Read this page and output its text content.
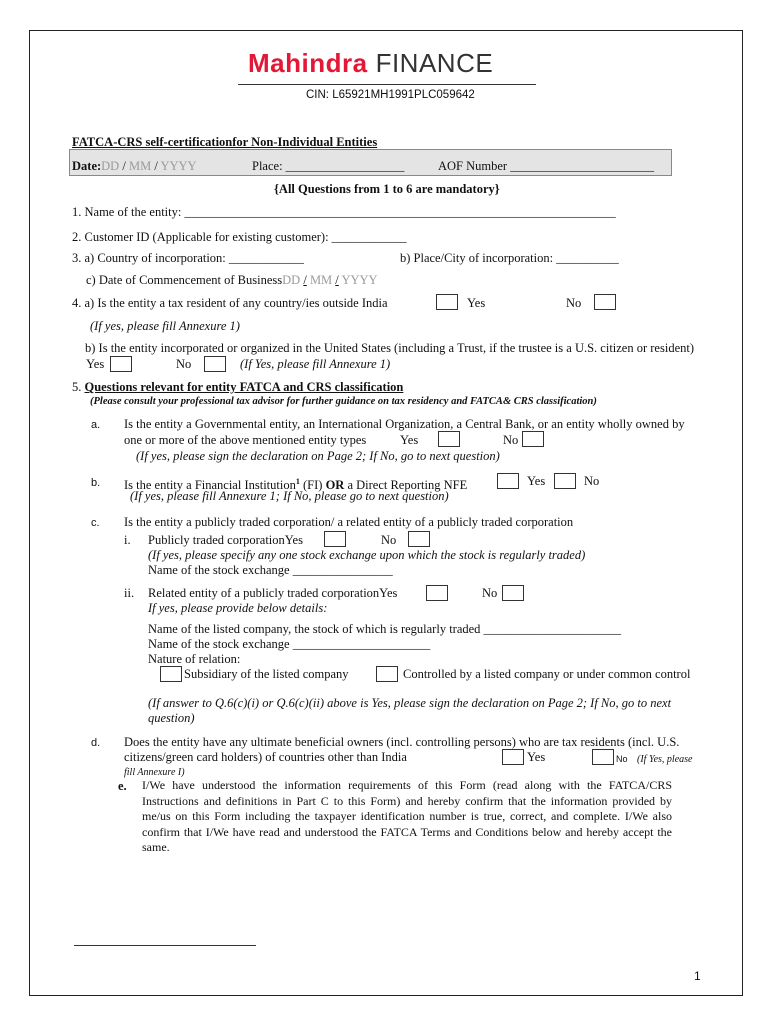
Mahindra FINANCE
CIN: L65921MH1991PLC059642
FATCA-CRS self-certificationfor Non-Individual Entities
Date:DD / MM / YYYY	Place: ___________________	AOF Number _______________________
{All Questions from 1 to 6 are mandatory}
1. Name of the entity: _____________________________________________________________________
2. Customer ID (Applicable for existing customer): ____________
3. a) Country of incorporation: ____________	b) Place/City of incorporation: __________
c) Date of Commencement of BusinessDD / MM / YYYY
4. a) Is the entity a tax resident of any country/ies outside India	Yes	No
(If yes, please fill Annexure 1)
b) Is the entity incorporated or organized in the United States (including a Trust, if the trustee is a U.S. citizen or resident)
Yes	No	(If Yes, please fill Annexure 1)
5. Questions relevant for entity FATCA and CRS classification
(Please consult your professional tax advisor for further guidance on tax residency and FATCA& CRS classification)
a. Is the entity a Governmental entity, an International Organization, a Central Bank, or an entity wholly owned by
one or more of the above mentioned entity types	Yes	No
(If yes, please sign the declaration on Page 2; If No, go to next question)
b. Is the entity a Financial Institution$^1$ (FI) OR a Direct Reporting NFE	Yes	No
(If yes, please fill Annexure 1; If No, please go to next question)
c. Is the entity a publicly traded corporation/ a related entity of a publicly traded corporation
i. Publicly traded corporationYes	No
(If yes, please specify any one stock exchange upon which the stock is regularly traded)
Name of the stock exchange ________________
ii. Related entity of a publicly traded corporationYes	No
If yes, please provide below details:
Name of the listed company, the stock of which is regularly traded ______________________
Name of the stock exchange ______________________
Nature of relation:
Subsidiary of the listed company	Controlled by a listed company or under common control
(If answer to Q.6(c)(i) or Q.6(c)(ii) above is Yes, please sign the declaration on Page 2; If No, go to next
question)
d. Does the entity have any ultimate beneficial owners (incl. controlling persons) who are tax residents (incl. U.S.
citizens/green card holders) of countries other than India	Yes	No (If Yes, please
fill Annexure I)
e. I/We have understood the information requirements of this Form (read along with the FATCA/CRS Instructions and definitions in Part C to this Form) and hereby confirm that the information provided by me/us on this Form including the taxpayer identification number is true, correct, and complete. I/We also confirm that I/We have read and understood the FATCA Terms and Conditions below and hereby accept the same.
1
